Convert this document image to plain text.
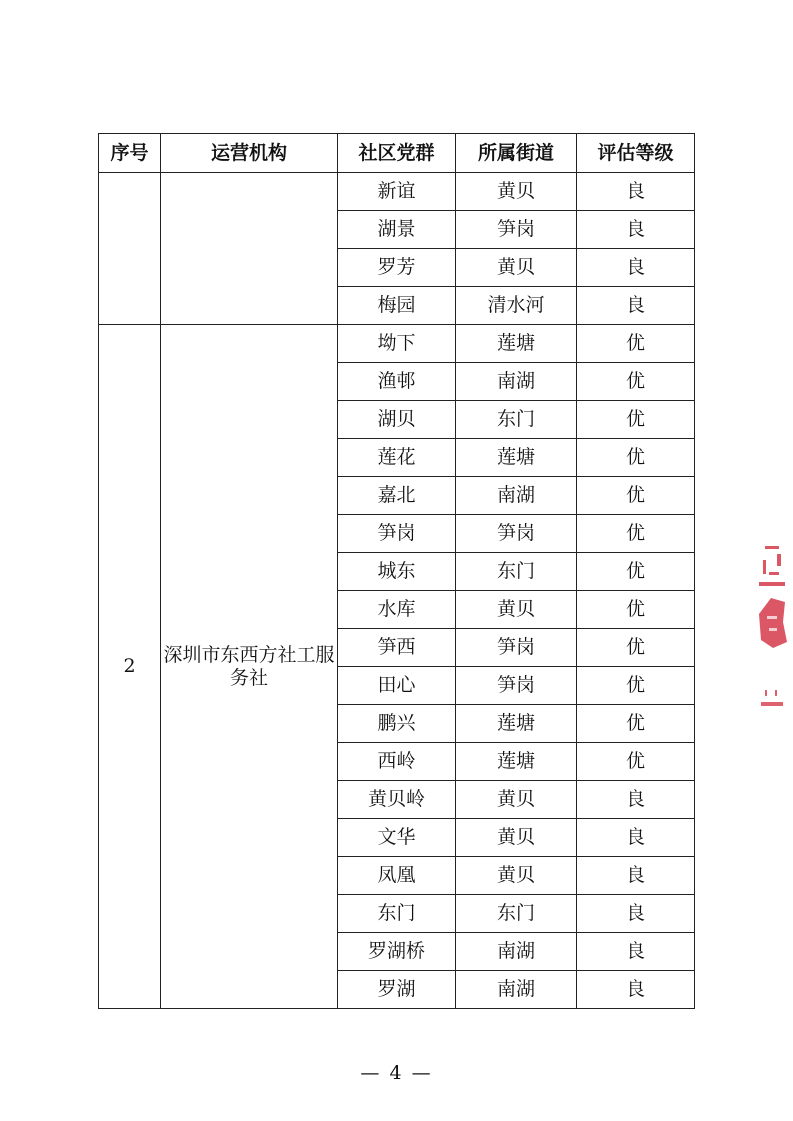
序号	运营机构	社区党群	所属街道	评估等级
		新谊	黄贝	良
		湖景	笋岗	良
		罗芳	黄贝	良
		梅园	清水河	良
2	深圳市东西方社工服务社	坳下	莲塘	优
		渔邨	南湖	优
		湖贝	东门	优
		莲花	莲塘	优
		嘉北	南湖	优
		笋岗	笋岗	优
		城东	东门	优
		水库	黄贝	优
		笋西	笋岗	优
		田心	笋岗	优
		鹏兴	莲塘	优
		西岭	莲塘	优
		黄贝岭	黄贝	良
		文华	黄贝	良
		凤凰	黄贝	良
		东门	东门	良
		罗湖桥	南湖	良
		罗湖	南湖	良
— 4 —
